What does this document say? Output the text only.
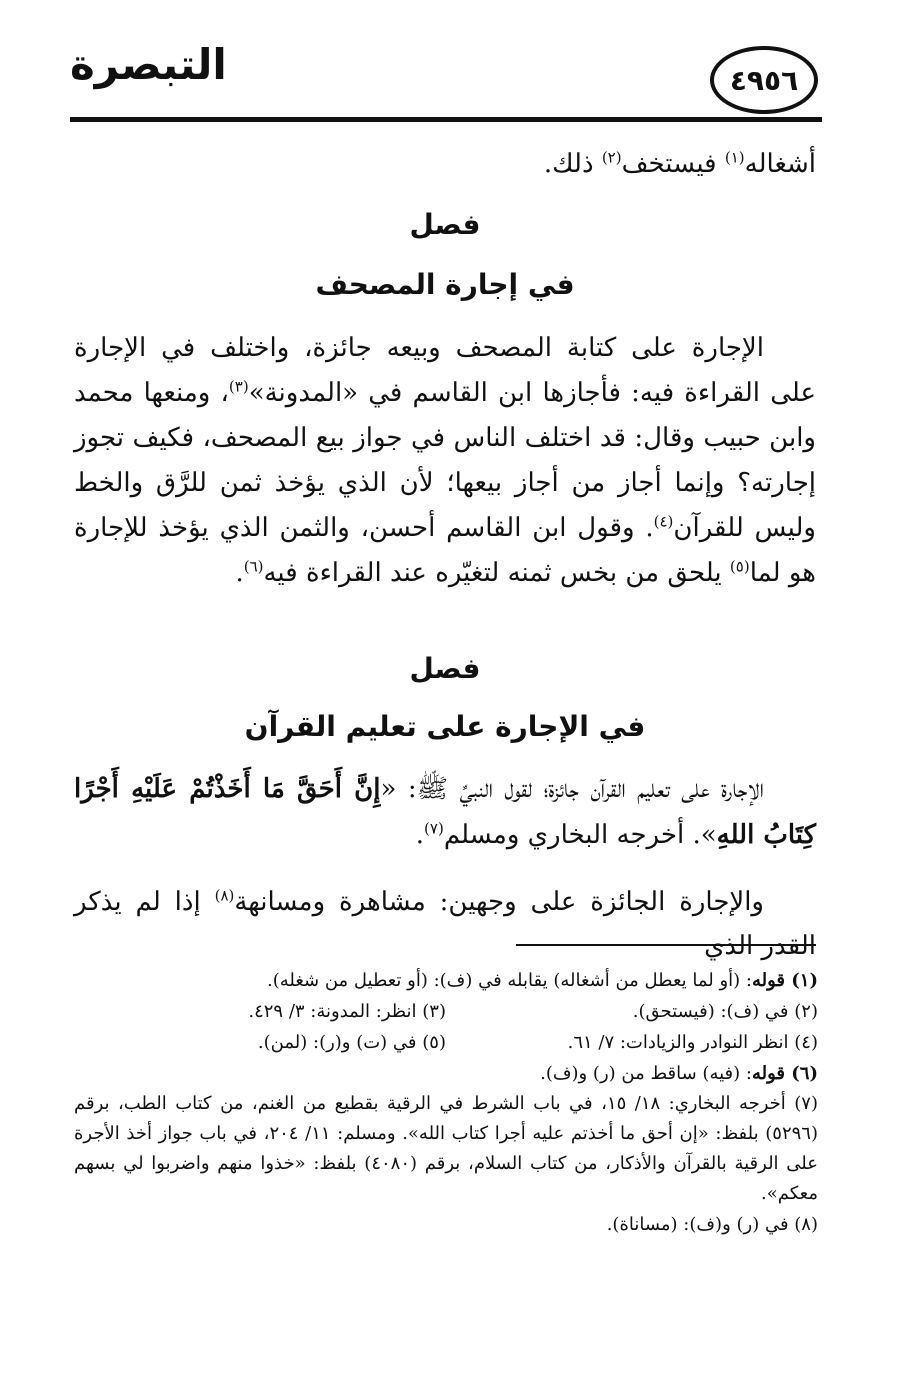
٤٩٥٦
التبصرة
أشغاله$^{(١)}$ فيستخف$^{(٢)}$ ذلك.
فصل
في إجارة المصحف
  الإجارة على كتابة المصحف وبيعه جائزة، واختلف في الإجارة على القراءة فيه: فأجازها ابن القاسم في «المدونة»$^{(٣)}$، ومنعها محمد وابن حبيب وقال: قد اختلف الناس في جواز بيع المصحف، فكيف تجوز إجارته؟ وإنما أجاز من أجاز بيعها؛ لأن الذي يؤخذ ثمن للرَّق والخط وليس للقرآن$^{(٤)}$. وقول ابن القاسم أحسن، والثمن الذي يؤخذ للإجارة هو لما$^{(٥)}$ يلحق من بخس ثمنه لتغيّره عند القراءة فيه$^{(٦)}$.
فصل
في الإجارة على تعليم القرآن
  الإجارة على تعليم القرآن جائزة؛ لقول النبيِّ ﷺ: «إِنَّ أَحَقَّ مَا أَخَذْتُمْ عَلَيْهِ أَجْرًا كِتَابُ اللهِ». أخرجه البخاري ومسلم$^{(٧)}$.
  والإجارة الجائزة على وجهين: مشاهرة ومسانهة$^{(٨)}$ إذا لم يذكر القدر الذي
(١) قوله: (أو لما يعطل من أشغاله) يقابله في (ف): (أو تعطيل من شغله).
(٢) في (ف): (فيستحق).
(٣) انظر: المدونة: ٣/ ٤٢٩.
(٤) انظر النوادر والزيادات: ٧/ ٦١.
(٥) في (ت) و(ر): (لمن).
(٦) قوله: (فيه) ساقط من (ر) و(ف).
(٧) أخرجه البخاري: ١٨/ ١٥، في باب الشرط في الرقية بقطيع من الغنم، من كتاب الطب، برقم (٥٢٩٦) بلفظ: «إن أحق ما أخذتم عليه أجرا كتاب الله». ومسلم: ١١/ ٢٠٤، في باب جواز أخذ الأجرة على الرقية بالقرآن والأذكار، من كتاب السلام، برقم (٤٠٨٠) بلفظ: «خذوا منهم واضربوا لي بسهم معكم».
(٨) في (ر) و(ف): (مساناة).
